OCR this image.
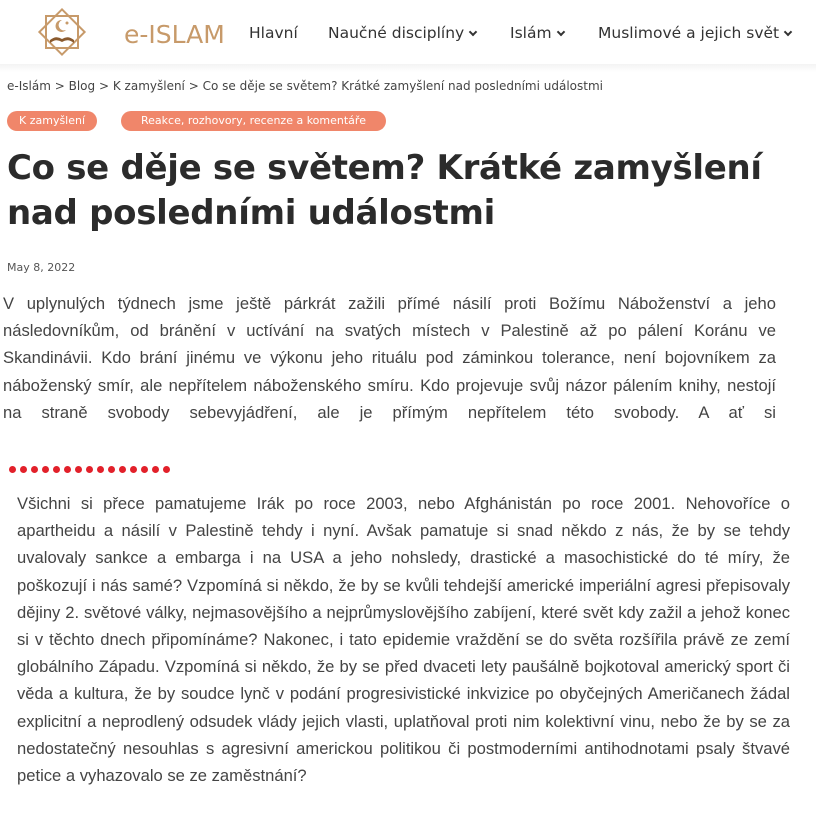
e-ISLAM Hlavní Naučné disciplíny	Islám	Muslimové a jejich svět
e-Islám > Blog > K zamyšlení > Co se děje se světem? Krátké zamyšlení nad posledními událostmi
K zamyšlení	Reakce, rozhovory, recenze a komentáře
Co se děje se světem? Krátké zamyšlení
nad posledními událostmi
May 8, 2022

V uplynulých týdnech jsme ještě párkrát zažili přímé násilí proti Božímu Náboženství a jeho následovníkům, od bránění v uctívání na svatých místech v Palestině až po pálení Koránu ve Skandinávii. Kdo brání jinému ve výkonu jeho rituálu pod záminkou tolerance, není bojovníkem za náboženský smír, ale nepřítelem náboženského smíru. Kdo projevuje svůj názor pálením knihy, nestojí na straně svobody sebevyjádření, ale je přímým nepřítelem této svobody. A ať si

Všichni si přece pamatujeme Irák po roce 2003, nebo Afghánistán po roce 2001. Nehovoříce o apartheidu a násilí v Palestině tehdy i nyní. Avšak pamatuje si snad někdo z nás, že by se tehdy uvalovaly sankce a embarga i na USA a jeho nohsledy, drastické a masochistické do té míry, že poškozují i nás samé? Vzpomíná si někdo, že by se kvůli tehdejší americké imperiální agresi přepisovaly dějiny 2. světové války, nejmasovějšího a nejprůmyslovějšího zabíjení, které svět kdy zažil a jehož konec si v těchto dnech připomínáme? Nakonec, i tato epidemie vraždění se do světa rozšířila právě ze zemí globálního Západu. Vzpomíná si někdo, že by se před dvaceti lety paušálně bojkotoval americký sport či věda a kultura, že by soudce lynč v podání progresivistické inkvizice po obyčejných Američanech žádal explicitní a neprodlený odsudek vlády jejich vlasti, uplatňoval proti nim kolektivní vinu, nebo že by se za nedostatečný nesouhlas s agresivní americkou politikou či postmoderními antihodnotami psaly štvavé petice a vyhazovalo se ze zaměstnání?
